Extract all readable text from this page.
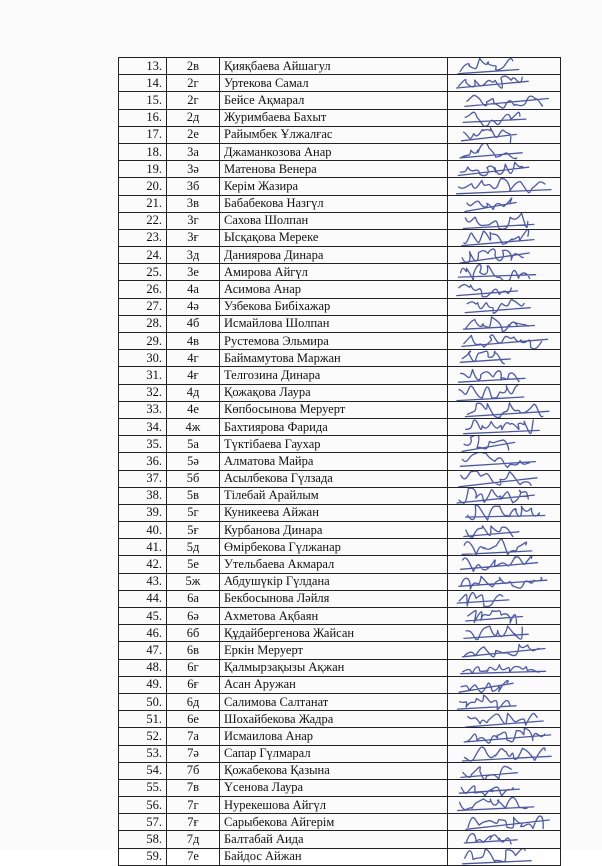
13.	2в	Қияқбаева Айшагул	

14.	2г	Уртекова Самал	

15.	2г	Бейсе Ақмарал	

16.	2д	Журимбаева Бахыт	

17.	2е	Райымбек Ұлжалғас	

18.	3а	Джаманкозова Анар	

19.	3ә	Матенова Венера	

20.	3б	Керім Жазира	

21.	3в	Бабабекова Назгүл	

22.	3г	Сахова Шолпан	

23.	3ғ	Ысқақова Мереке	

24.	3д	Даниярова Динара	

25.	3е	Амирова Айгүл	

26.	4а	Асимова Анар	

27.	4ә	Узбекова Бибіхажар	

28.	4б	Исмайлова Шолпан	

29.	4в	Рустемова Эльмира	

30.	4г	Баймамутова Маржан	

31.	4ғ	Телгозина Динара	

32.	4д	Қожақова Лаура	

33.	4е	Көпбосынова Меруерт	

34.	4ж	Бахтиярова Фарида	

35.	5а	Түктібаева Гаухар	

36.	5ә	Алматова Майра	

37.	5б	Асылбекова Гүлзада	

38.	5в	Тілебай Арайлым	

39.	5г	Куникеева Айжан	

40.	5ғ	Курбанова Динара	

41.	5д	Өмірбекова Гүлжанар	

42.	5е	Утельбаева Акмарал	

43.	5ж	Абдушүкір Гүлдана	

44.	6а	Бекбосынова Ләйля	

45.	6ә	Ахметова Ақбаян	

46.	6б	Құдайбергенова Жайсан	

47.	6в	Еркін Меруерт	

48.	6г	Қалмырзақызы Ақжан	

49.	6ғ	Асан Аружан	

50.	6д	Салимова Салтанат	

51.	6е	Шохайбекова Жадра	

52.	7а	Исмаилова Анар	

53.	7ә	Сапар Гүлмарал	

54.	7б	Қожабекова Қазына	

55.	7в	Үсенова Лаура	

56.	7г	Нурекешова Айгүл	

57.	7ғ	Сарыбекова Айгерім	

58.	7д	Балтабай Аида	

59.	7е	Байдос Айжан	
